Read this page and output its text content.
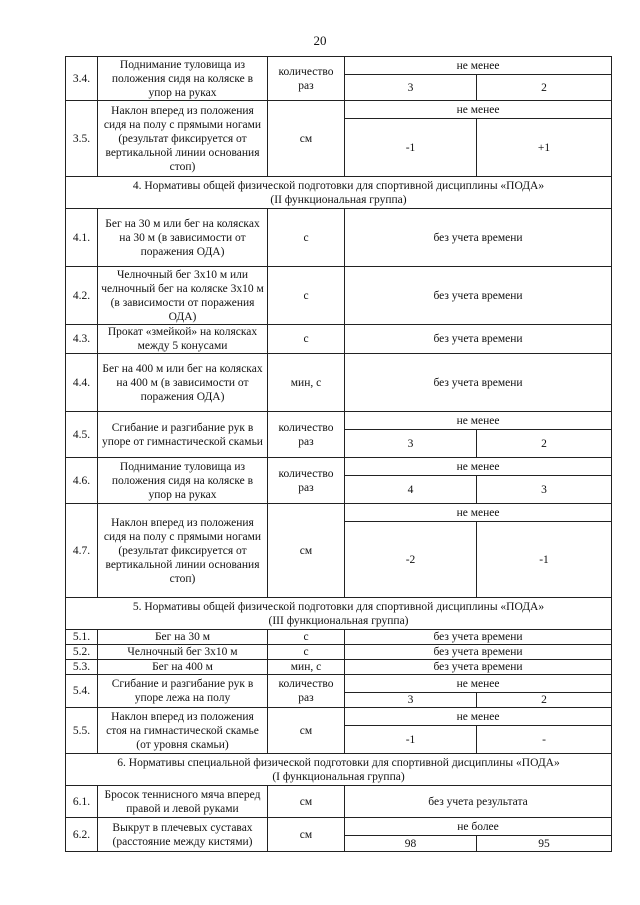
20
3.4.	Поднимание туловища из положения сидя на коляске в упор на руках	количество раз	не менее	
			3	2
3.5.	Наклон вперед из положения сидя на полу с прямыми ногами (результат фиксируется от вертикальной линии основания стоп)	см	не менее	
			-1	+1

4. Нормативы общей физической подготовки для спортивной дисциплины «ПОДА»
(II функциональная группа)				

4.1.	Бег на 30 м или бег на колясках на 30 м (в зависимости от поражения ОДА)	с	без учета времени	
4.2.	Челночный бег 3х10 м или челночный бег на коляске 3х10 м (в зависимости от поражения ОДА)	с	без учета времени	
4.3.	Прокат «змейкой» на колясках между 5 конусами	с	без учета времени	
4.4.	Бег на 400 м или бег на колясках на 400 м (в зависимости от поражения ОДА)	мин, с	без учета времени	
4.5.	Сгибание и разгибание рук в упоре от гимнастической скамьи	количество раз	не менее	
			3	2
4.6.	Поднимание туловища из положения сидя на коляске в упор на руках	количество раз	не менее	
			4	3
4.7.	Наклон вперед из положения сидя на полу с прямыми ногами (результат фиксируется от вертикальной линии основания стоп)	см	не менее	
			-2	-1

5. Нормативы общей физической подготовки для спортивной дисциплины «ПОДА»
(III функциональная группа)				

5.1.	Бег на 30 м	с	без учета времени	
5.2.	Челночный бег 3х10 м	с	без учета времени	
5.3.	Бег на 400 м	мин, с	без учета времени	
5.4.	Сгибание и разгибание рук в упоре лежа на полу	количество раз	не менее	
			3	2
5.5.	Наклон вперед из положения стоя на гимнастической скамье (от уровня скамьи)	см	не менее	
			-1	-

6. Нормативы специальной физической подготовки для спортивной дисциплины «ПОДА»
(I функциональная группа)				

6.1.	Бросок теннисного мяча вперед правой и левой руками	см	без учета результата	
6.2.	Выкрут в плечевых суставах (расстояние между кистями)	см	не более	
			98	95
